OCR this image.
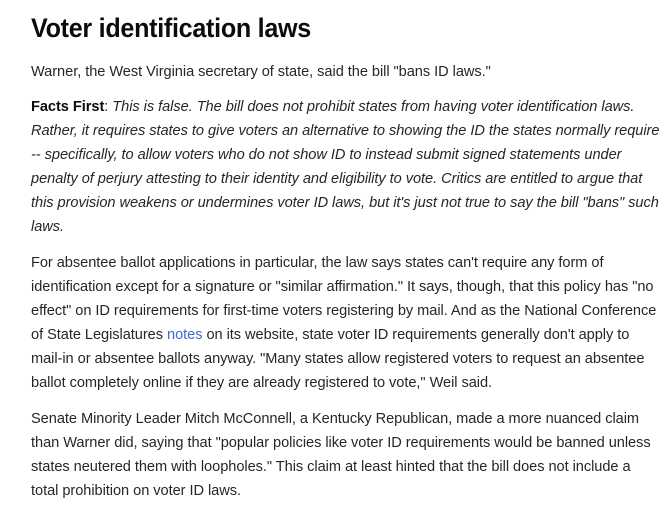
Voter identification laws

Warner, the West Virginia secretary of state, said the bill "bans ID laws."

Facts First: This is false. The bill does not prohibit states from having voter identification laws. Rather, it requires states to give voters an alternative to showing the ID the states normally require -- specifically, to allow voters who do not show ID to instead submit signed statements under penalty of perjury attesting to their identity and eligibility to vote. Critics are entitled to argue that this provision weakens or undermines voter ID laws, but it's just not true to say the bill "bans" such laws.

For absentee ballot applications in particular, the law says states can't require any form of identification except for a signature or "similar affirmation." It says, though, that this policy has "no effect" on ID requirements for first-time voters registering by mail. And as the National Conference of State Legislatures notes on its website, state voter ID requirements generally don't apply to mail-in or absentee ballots anyway. "Many states allow registered voters to request an absentee ballot completely online if they are already registered to vote," Weil said.

Senate Minority Leader Mitch McConnell, a Kentucky Republican, made a more nuanced claim than Warner did, saying that "popular policies like voter ID requirements would be banned unless states neutered them with loopholes." This claim at least hinted that the bill does not include a total prohibition on voter ID laws.
